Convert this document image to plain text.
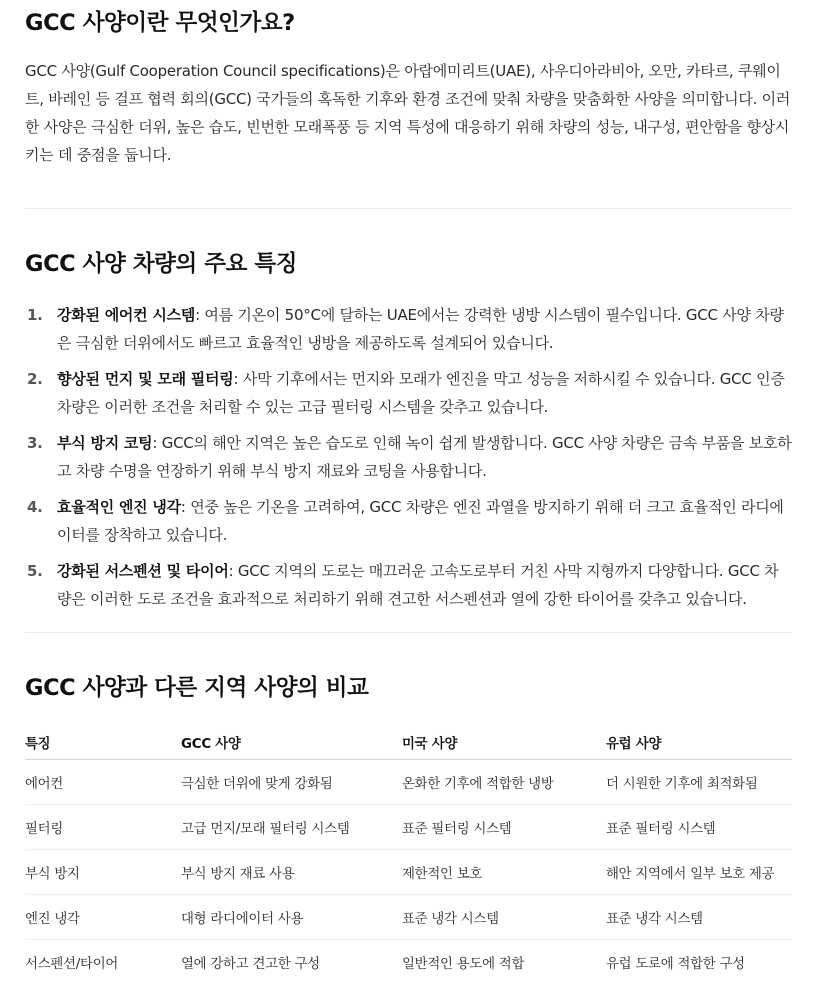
GCC 사양이란 무엇인가요?

GCC 사양(Gulf Cooperation Council specifications)은 아랍에미리트(UAE), 사우디아라비아, 오만, 카타르, 쿠웨이트, 바레인 등 걸프 협력 회의(GCC) 국가들의 혹독한 기후와 환경 조건에 맞춰 차량을 맞춤화한 사양을 의미합니다. 이러한 사양은 극심한 더위, 높은 습도, 빈번한 모래폭풍 등 지역 특성에 대응하기 위해 차량의 성능, 내구성, 편안함을 향상시키는 데 중점을 둡니다.

GCC 사양 차량의 주요 특징
1. 강화된 에어컨 시스템: 여름 기온이 50°C에 달하는 UAE에서는 강력한 냉방 시스템이 필수입니다. GCC 사양 차량은 극심한 더위에서도 빠르고 효율적인 냉방을 제공하도록 설계되어 있습니다.
2. 향상된 먼지 및 모래 필터링: 사막 기후에서는 먼지와 모래가 엔진을 막고 성능을 저하시킬 수 있습니다. GCC 인증 차량은 이러한 조건을 처리할 수 있는 고급 필터링 시스템을 갖추고 있습니다.
3. 부식 방지 코팅: GCC의 해안 지역은 높은 습도로 인해 녹이 쉽게 발생합니다. GCC 사양 차량은 금속 부품을 보호하고 차량 수명을 연장하기 위해 부식 방지 재료와 코팅을 사용합니다.
4. 효율적인 엔진 냉각: 연중 높은 기온을 고려하여, GCC 차량은 엔진 과열을 방지하기 위해 더 크고 효율적인 라디에이터를 장착하고 있습니다.
5. 강화된 서스펜션 및 타이어: GCC 지역의 도로는 매끄러운 고속도로부터 거친 사막 지형까지 다양합니다. GCC 차량은 이러한 도로 조건을 효과적으로 처리하기 위해 견고한 서스펜션과 열에 강한 타이어를 갖추고 있습니다.
GCC 사양과 다른 지역 사양의 비교
특징	GCC 사양	미국 사양	유럽 사양
에어컨	극심한 더위에 맞게 강화됨	온화한 기후에 적합한 냉방	더 시원한 기후에 최적화됨
필터링	고급 먼지/모래 필터링 시스템	표준 필터링 시스템	표준 필터링 시스템
부식 방지	부식 방지 재료 사용	제한적인 보호	해안 지역에서 일부 보호 제공
엔진 냉각	대형 라디에이터 사용	표준 냉각 시스템	표준 냉각 시스템
서스펜션/타이어	열에 강하고 견고한 구성	일반적인 용도에 적합	유럽 도로에 적합한 구성
